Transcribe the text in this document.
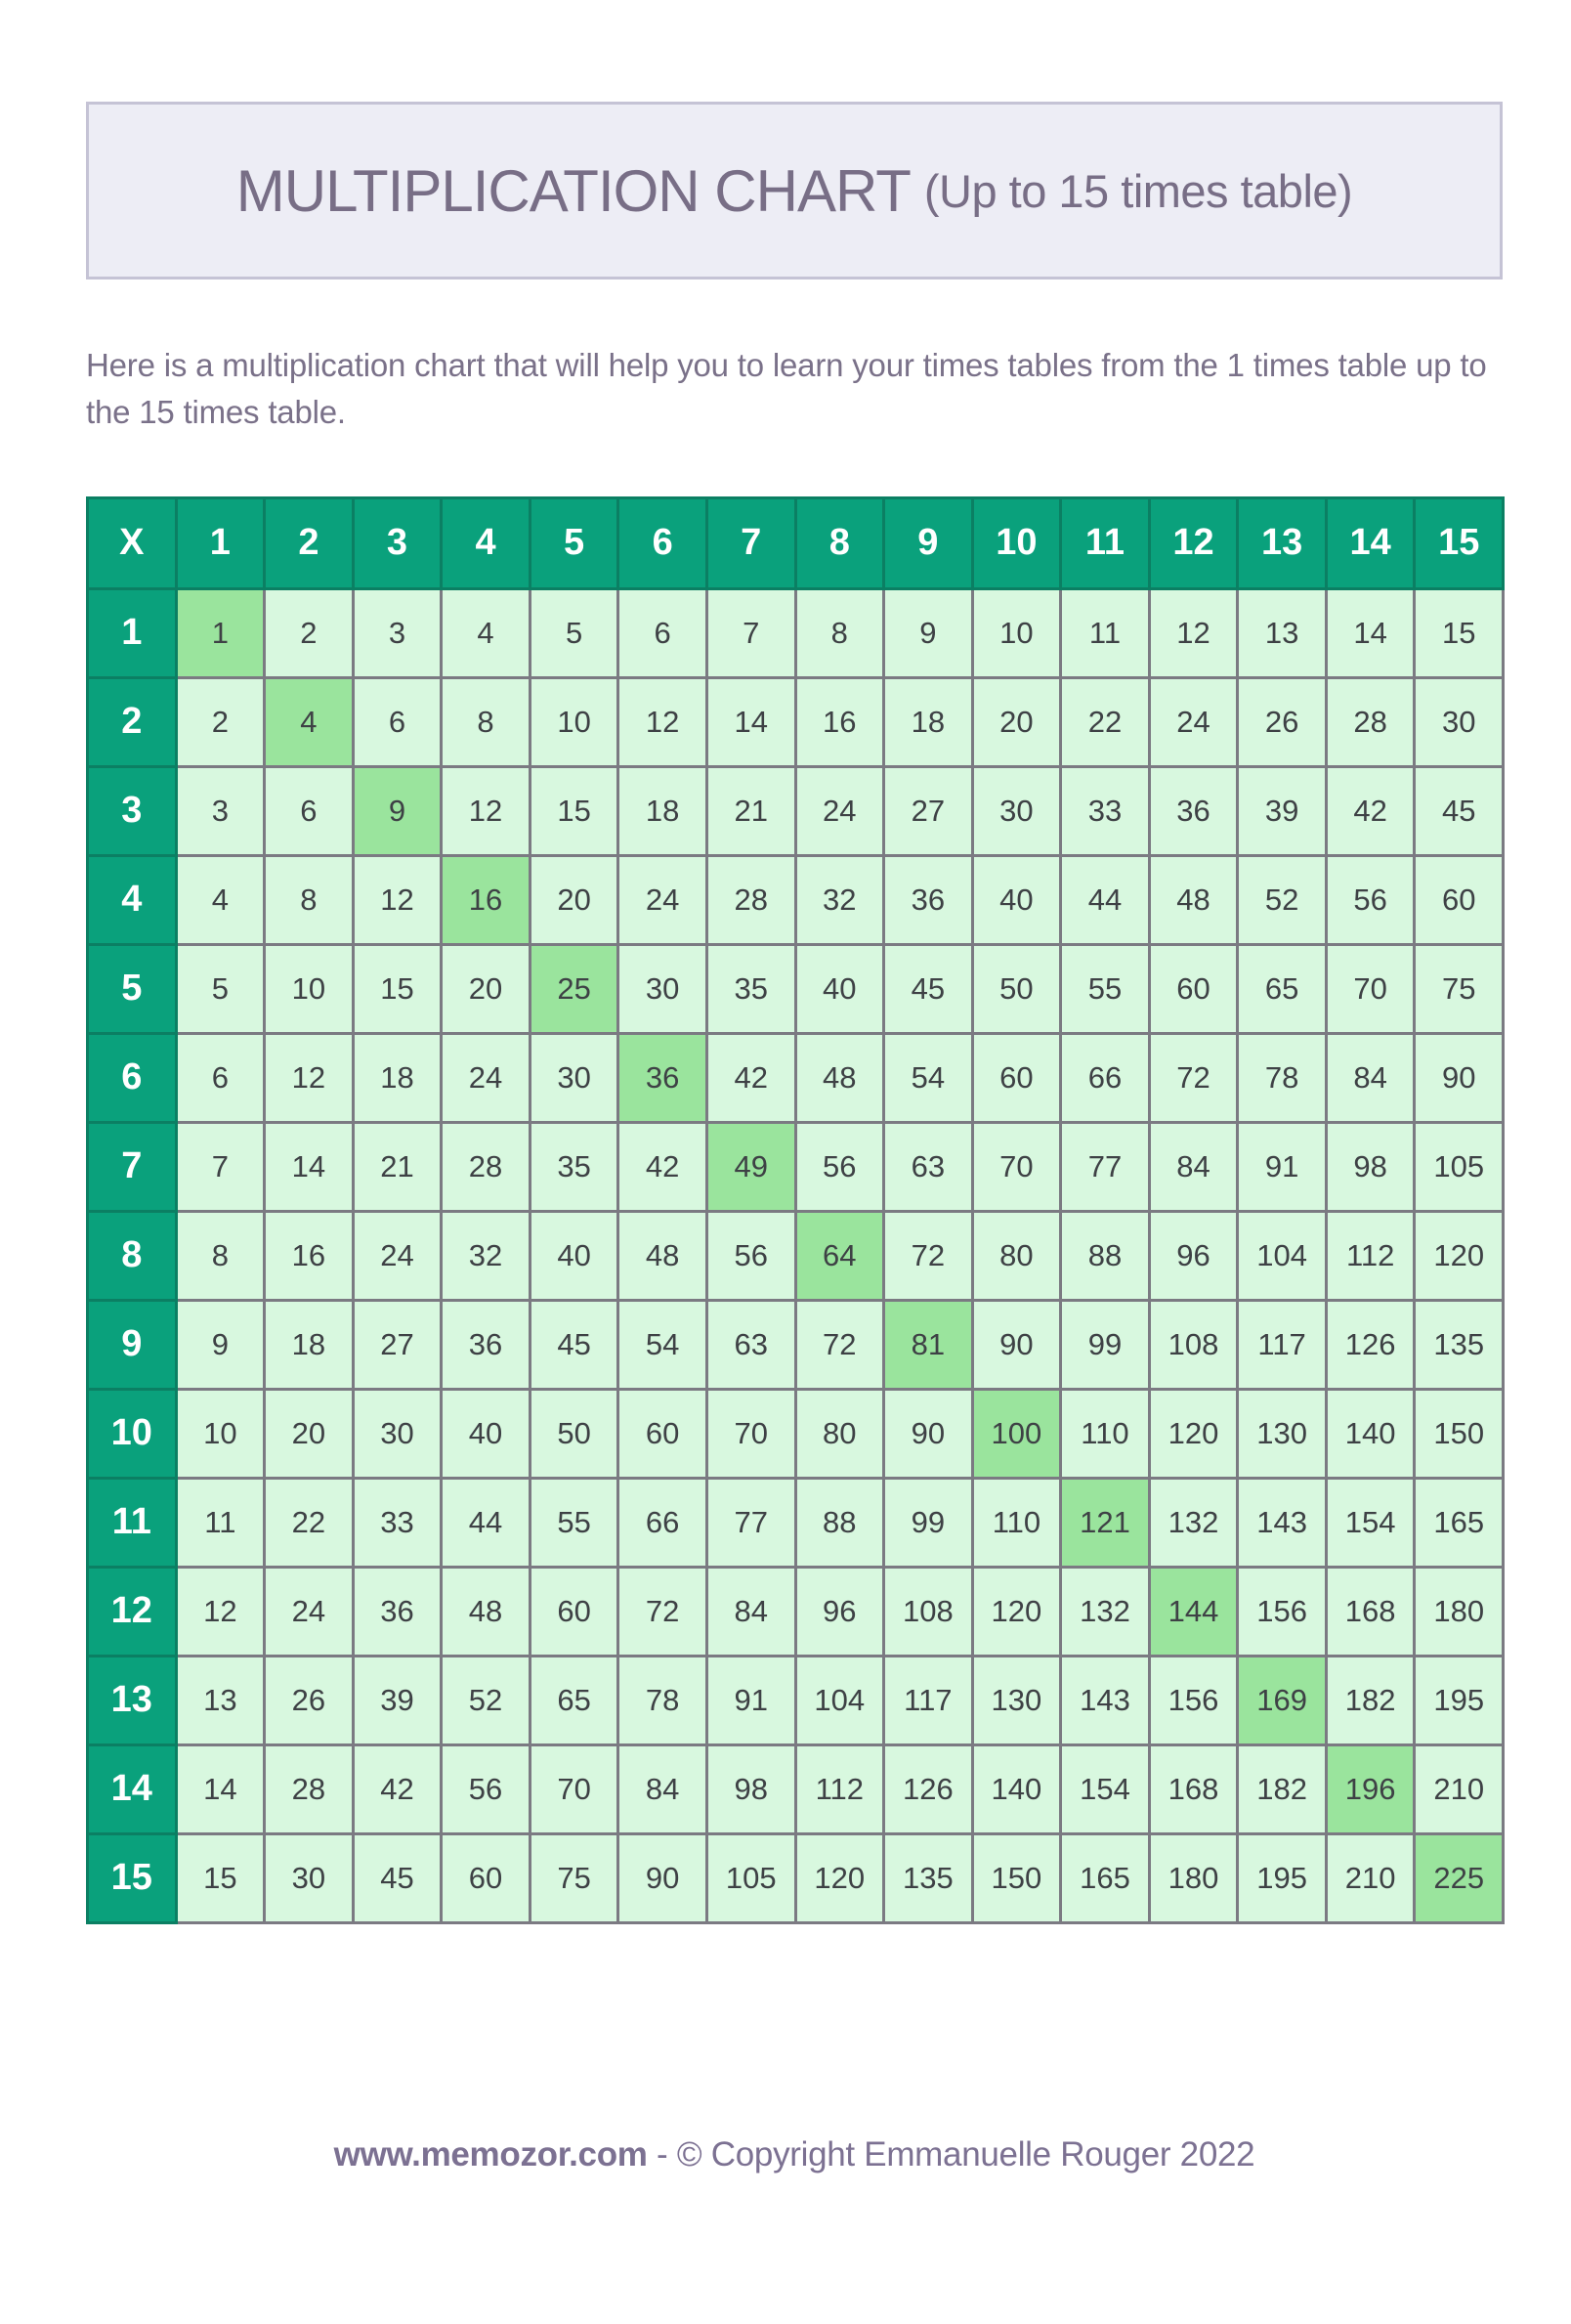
MULTIPLICATION CHART (Up to 15 times table)

Here is a multiplication chart that will help you to learn your times tables from the 1 times table up to the 15 times table.

X	1	2	3	4	5	6	7	8	9	10	11	12	13	14	15
1	1	2	3	4	5	6	7	8	9	10	11	12	13	14	15
2	2	4	6	8	10	12	14	16	18	20	22	24	26	28	30
3	3	6	9	12	15	18	21	24	27	30	33	36	39	42	45
4	4	8	12	16	20	24	28	32	36	40	44	48	52	56	60
5	5	10	15	20	25	30	35	40	45	50	55	60	65	70	75
6	6	12	18	24	30	36	42	48	54	60	66	72	78	84	90
7	7	14	21	28	35	42	49	56	63	70	77	84	91	98	105
8	8	16	24	32	40	48	56	64	72	80	88	96	104	112	120
9	9	18	27	36	45	54	63	72	81	90	99	108	117	126	135
10	10	20	30	40	50	60	70	80	90	100	110	120	130	140	150
11	11	22	33	44	55	66	77	88	99	110	121	132	143	154	165
12	12	24	36	48	60	72	84	96	108	120	132	144	156	168	180
13	13	26	39	52	65	78	91	104	117	130	143	156	169	182	195
14	14	28	42	56	70	84	98	112	126	140	154	168	182	196	210
15	15	30	45	60	75	90	105	120	135	150	165	180	195	210	225
www.memozor.com - © Copyright Emmanuelle Rouger 2022
